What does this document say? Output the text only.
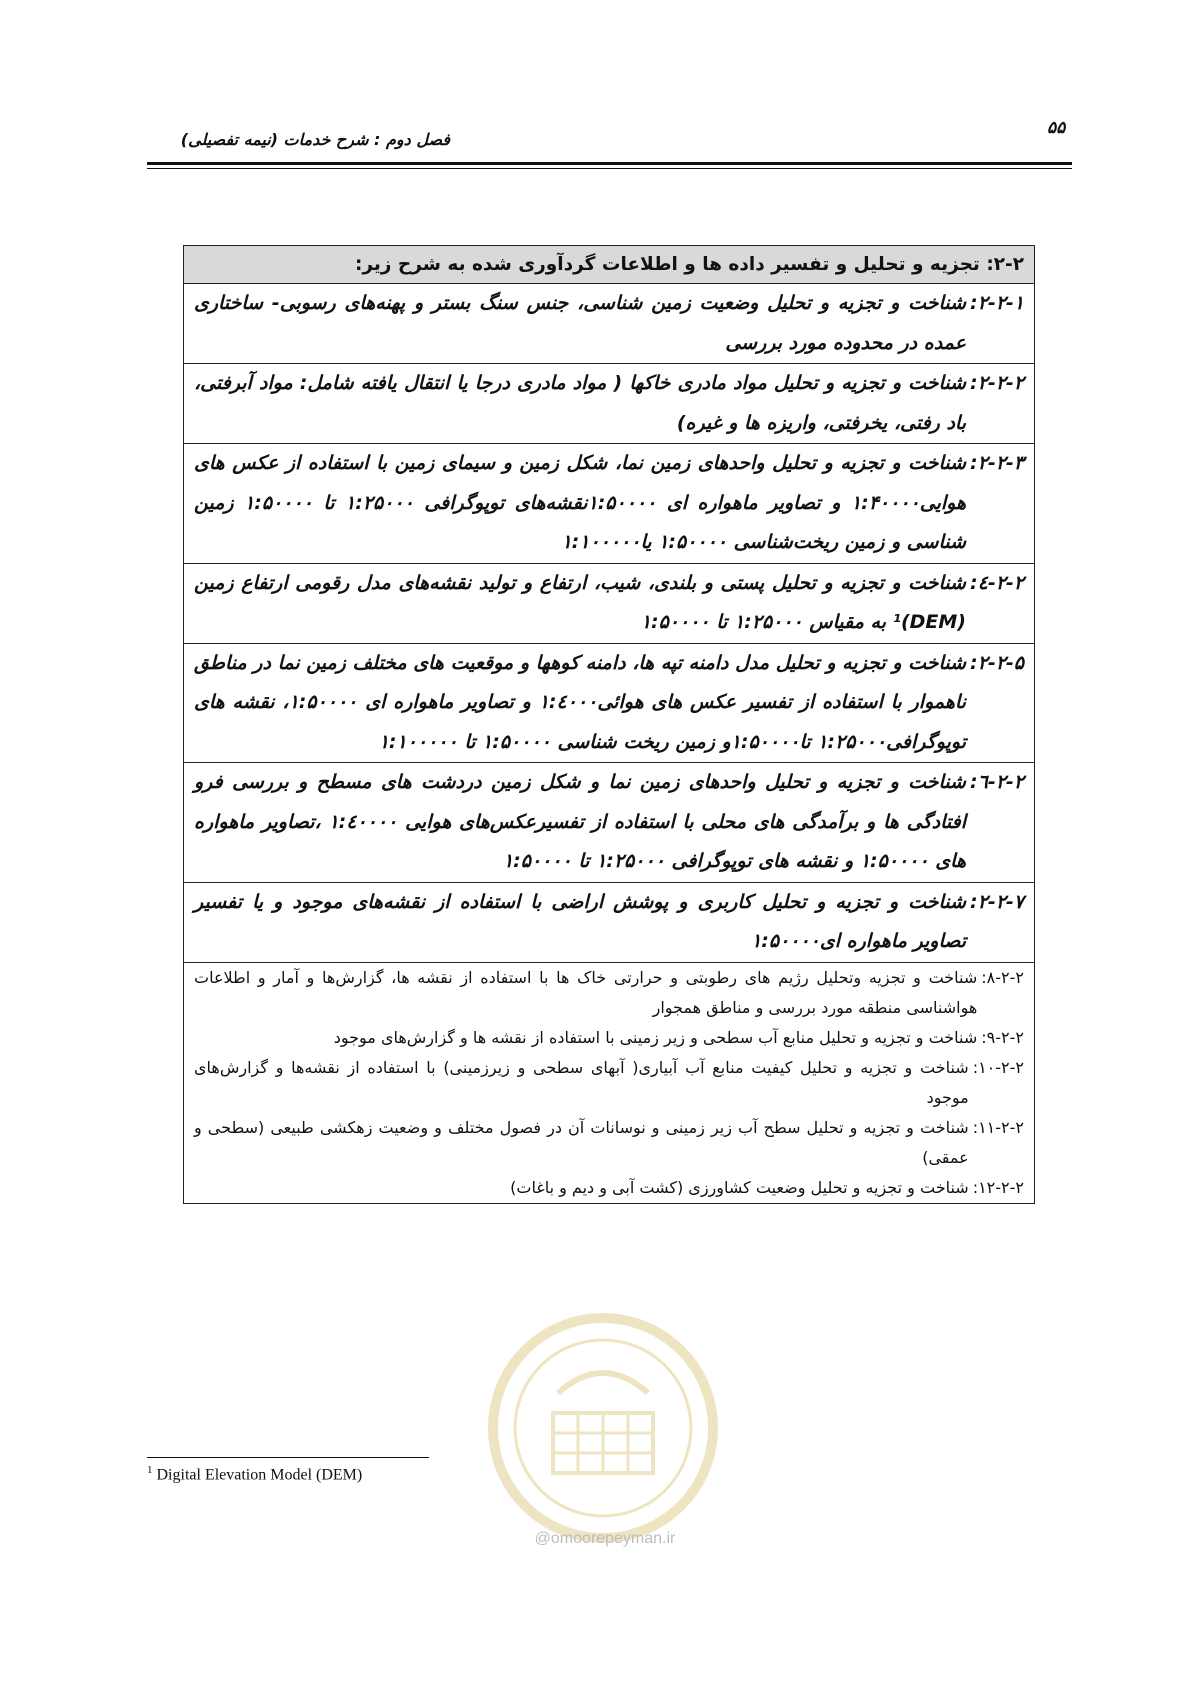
۵۵
فصل دوم : شرح خدمات (نیمه تفصیلی)
۲-۲: تجزیه و تحلیل و تفسیر داده ها و اطلاعات گردآوری شده به شرح زیر:

۲-۲-۱:
شناخت و تجزیه و تحلیل وضعیت زمین شناسی، جنس سنگ بستر و پهنه‌های رسوبی- ساختاری عمده در محدوده مورد بررسی

۲-۲-۲:
شناخت و تجزیه و تحلیل مواد مادری خاکها ( مواد مادری درجا یا انتقال یافته شامل: مواد آبرفتی، باد رفتی، یخرفتی، واریزه ها و غیره)

۲-۲-۳:
شناخت و تجزیه و تحلیل واحدهای زمین نما، شکل زمین و سیمای زمین با استفاده از عکس های هوایی۱:۴۰۰۰۰ و تصاویر ماهواره ای ۱:۵۰۰۰۰نقشه‌های توپوگرافی ۱:۲۵۰۰۰ تا ۱:۵۰۰۰۰ زمین شناسی و زمین ریخت‌شناسی ۱:۵۰۰۰۰ یا۱:۱۰۰۰۰۰

۲-۲-٤:
شناخت و تجزیه و تحلیل پستی و بلندی، شیب، ارتفاع و تولید نقشه‌های مدل رقومی ارتفاع زمین (DEM)¹ به مقیاس ۱:۲۵۰۰۰ تا ۱:۵۰۰۰۰

۲-۲-۵:
شناخت و تجزیه و تحلیل مدل دامنه تپه ها، دامنه کوهها و موقعیت های مختلف زمین نما در مناطق ناهموار با استفاده از تفسیر عکس های هوائی۱:٤۰۰۰ و تصاویر ماهواره ای ۱:۵۰۰۰۰، نقشه های توپوگرافی۱:۲۵۰۰۰ تا۱:۵۰۰۰۰و زمین ریخت شناسی ۱:۵۰۰۰۰ تا ۱:۱۰۰۰۰۰

۲-۲-٦:
شناخت و تجزیه و تحلیل واحدهای زمین نما و شکل زمین دردشت های مسطح و بررسی فرو افتادگی ها و برآمدگی های محلی با استفاده از تفسیرعکس‌های هوایی ۱:٤۰۰۰۰ ،تصاویر ماهواره های ۱:۵۰۰۰۰ و نقشه های توپوگرافی ۱:۲۵۰۰۰ تا ۱:۵۰۰۰۰

۲-۲-۷:
شناخت و تجزیه و تحلیل کاربری و پوشش اراضی با استفاده از نقشه‌های موجود و یا تفسیر تصاویر ماهواره ای۱:۵۰۰۰۰

۸-۲-۲:
شناخت و تجزیه وتحلیل رژیم های رطوبتی و حرارتی خاک ها با استفاده از نقشه ها، گزارش‌ها و آمار و اطلاعات هواشناسی منطقه مورد بررسی و مناطق همجوار
۹-۲-۲:
شناخت و تجزیه و تحلیل منابع آب سطحی و زیر زمینی با استفاده از نقشه ها و گزارش‌های موجود
۱۰-۲-۲:
شناخت و تجزیه و تحلیل کیفیت منابع آب آبیاری( آبهای سطحی و زیرزمینی) با استفاده از نقشه‌ها و گزارش‌های موجود
۱۱-۲-۲:
شناخت و تجزیه و تحلیل سطح آب زیر زمینی و نوسانات آن در فصول مختلف و وضعیت زهکشی طبیعی (سطحی و عمقی)
۱۲-۲-۲:
شناخت و تجزیه و تحلیل وضعیت کشاورزی (کشت آبی و دیم و باغات)
$^1$ Digital Elevation Model (DEM)
@omoorepeyman.ir
